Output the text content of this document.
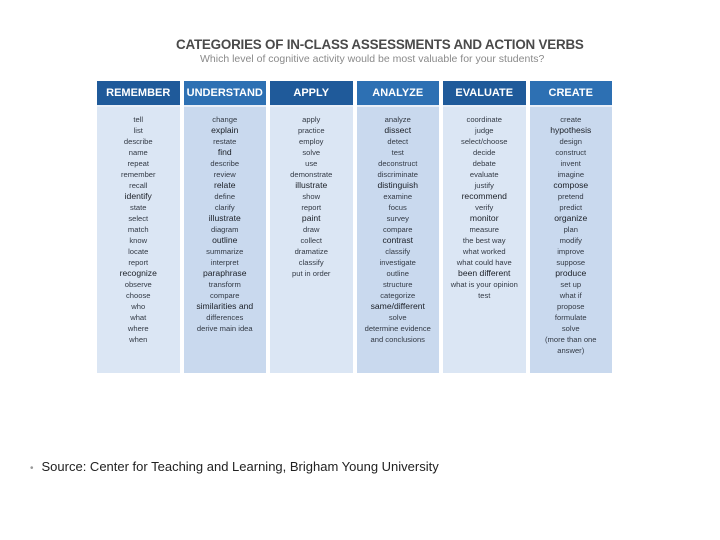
CATEGORIES OF IN-CLASS ASSESSMENTS AND ACTION VERBS
Which level of cognitive activity would be most valuable for your students?
REMEMBER
tell
list
describe
name
repeat
remember
recall
identify
state
select
match
know
locate
report
recognize
observe
choose
who
what
where
when
UNDERSTAND
change
explain
restate
find
describe
review
relate
define
clarify
illustrate
diagram
outline
summarize
interpret
paraphrase
transform
compare
similarities and
differences
derive main idea
APPLY
apply
practice
employ
solve
use
demonstrate
illustrate
show
report
paint
draw
collect
dramatize
classify
put in order
ANALYZE
analyze
dissect
detect
test
deconstruct
discriminate
distinguish
examine
focus
survey
compare
contrast
classify
investigate
outline
structure
categorize
same/different
solve
determine evidence
and conclusions
EVALUATE
coordinate
judge
select/choose
decide
debate
evaluate
justify
recommend
verify
monitor
measure
the best way
what worked
what could have
been different
what is your opinion
test
CREATE
create
hypothesis
design
construct
invent
imagine
compose
pretend
predict
organize
plan
modify
improve
suppose
produce
set up
what if
propose
formulate
solve
(more than one
answer)
• Source: Center for Teaching and Learning, Brigham Young University
